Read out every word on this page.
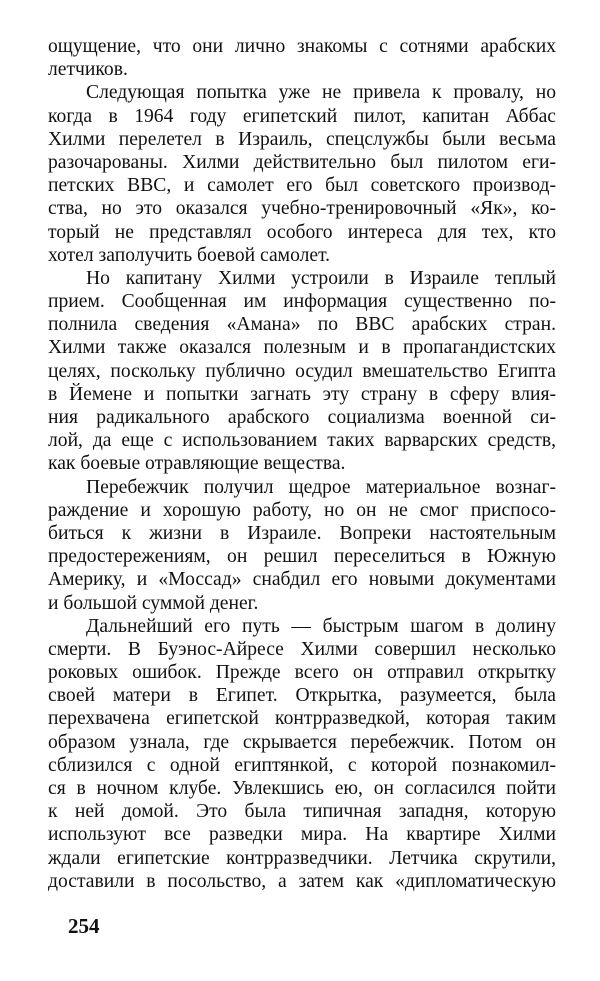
ощущение, что они лично знакомы с сотнями арабских
летчиков.
Следующая попытка уже не привела к провалу, но
когда в 1964 году египетский пилот, капитан Аббас
Хилми перелетел в Израиль, спецслужбы были весьма
разочарованы. Хилми действительно был пилотом еги-
петских ВВС, и самолет его был советского производ-
ства, но это оказался учебно-тренировочный «Як», ко-
торый не представлял особого интереса для тех, кто
хотел заполучить боевой самолет.
Но капитану Хилми устроили в Израиле теплый
прием. Сообщенная им информация существенно по-
полнила сведения «Амана» по ВВС арабских стран.
Хилми также оказался полезным и в пропагандистских
целях, поскольку публично осудил вмешательство Египта
в Йемене и попытки загнать эту страну в сферу влия-
ния радикального арабского социализма военной си-
лой, да еще с использованием таких варварских средств,
как боевые отравляющие вещества.
Перебежчик получил щедрое материальное вознаг-
раждение и хорошую работу, но он не смог приспосо-
биться к жизни в Израиле. Вопреки настоятельным
предостережениям, он решил переселиться в Южную
Америку, и «Моссад» снабдил его новыми документами
и большой суммой денег.
Дальнейший его путь — быстрым шагом в долину
смерти. В Буэнос-Айресе Хилми совершил несколько
роковых ошибок. Прежде всего он отправил открытку
своей матери в Египет. Открытка, разумеется, была
перехвачена египетской контрразведкой, которая таким
образом узнала, где скрывается перебежчик. Потом он
сблизился с одной египтянкой, с которой познакомил-
ся в ночном клубе. Увлекшись ею, он согласился пойти
к ней домой. Это была типичная западня, которую
используют все разведки мира. На квартире Хилми
ждали египетские контрразведчики. Летчика скрутили,
доставили в посольство, а затем как «дипломатическую
254
